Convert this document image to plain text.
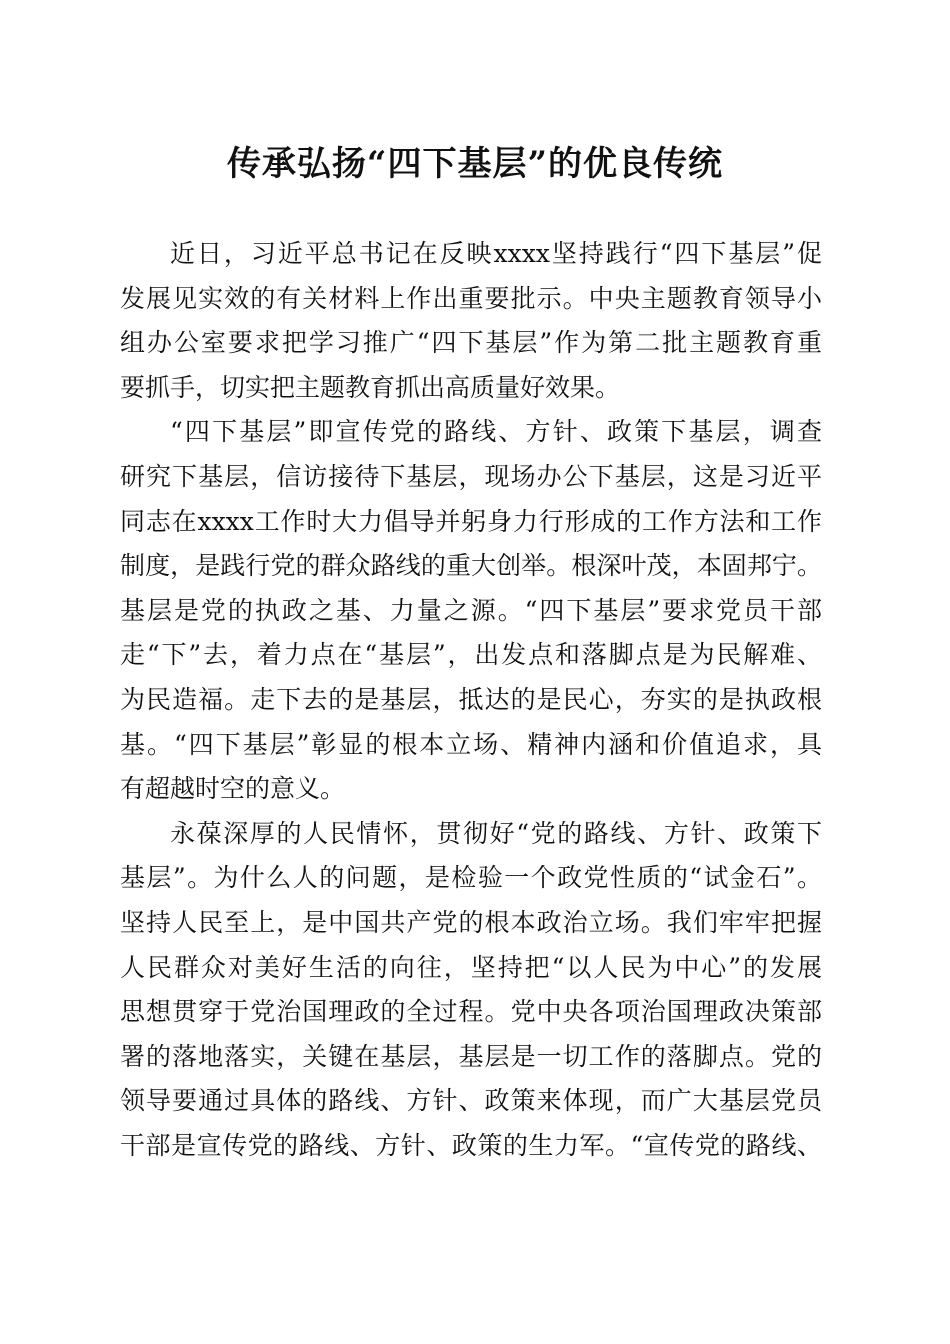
传承弘扬“四下基层”的优良传统
近日，习近平总书记在反映xxxx坚持践行“四下基层”促
发展见实效的有关材料上作出重要批示。中央主题教育领导小
组办公室要求把学习推广“四下基层”作为第二批主题教育重
要抓手，切实把主题教育抓出高质量好效果。
“四下基层”即宣传党的路线、方针、政策下基层，调查
研究下基层，信访接待下基层，现场办公下基层，这是习近平
同志在xxxx工作时大力倡导并躬身力行形成的工作方法和工作
制度，是践行党的群众路线的重大创举。根深叶茂，本固邦宁。
基层是党的执政之基、力量之源。“四下基层”要求党员干部
走“下”去，着力点在“基层”，出发点和落脚点是为民解难、
为民造福。走下去的是基层，抵达的是民心，夯实的是执政根
基。“四下基层”彰显的根本立场、精神内涵和价值追求，具
有超越时空的意义。
永葆深厚的人民情怀，贯彻好“党的路线、方针、政策下
基层”。为什么人的问题，是检验一个政党性质的“试金石”。
坚持人民至上，是中国共产党的根本政治立场。我们牢牢把握
人民群众对美好生活的向往，坚持把“以人民为中心”的发展
思想贯穿于党治国理政的全过程。党中央各项治国理政决策部
署的落地落实，关键在基层，基层是一切工作的落脚点。党的
领导要通过具体的路线、方针、政策来体现，而广大基层党员
干部是宣传党的路线、方针、政策的生力军。“宣传党的路线、
